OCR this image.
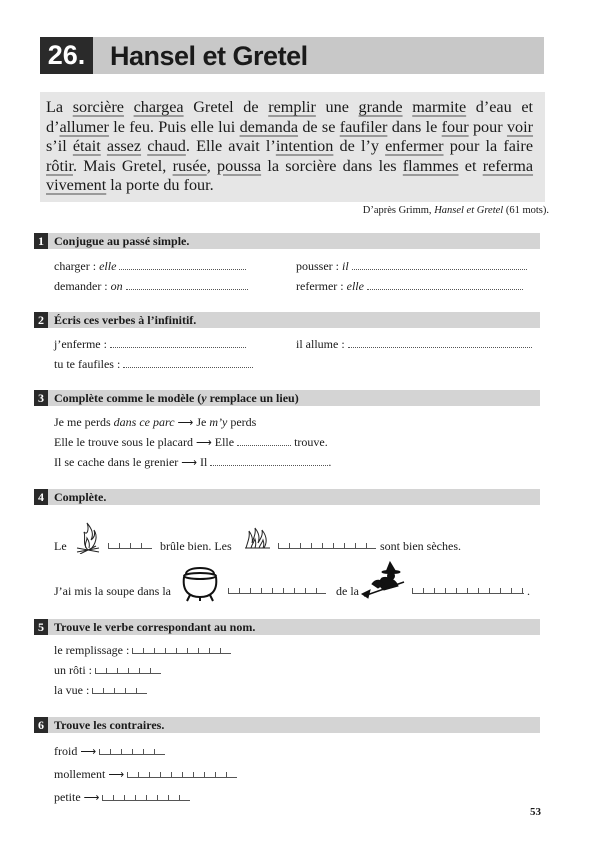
26. Hansel et Gretel
La sorcière chargea Gretel de remplir une grande marmite d’eau et d’allumer le feu. Puis elle lui demanda de se faufiler dans le four pour voir s’il était assez chaud. Elle avait l’intention de l’y enfermer pour la faire rôtir. Mais Gretel, rusée, poussa la sorcière dans les flammes et referma vivement la porte du four.
D’après Grimm, Hansel et Gretel (61 mots).
1 Conjugue au passé simple.
charger : elle	pousser : il
demander : on	refermer : elle
2 Écris ces verbes à l’infinitif.
j’enferme :	il allume :
tu te faufiles :
3 Complète comme le modèle (y remplace un lieu)
Je me perds dans ce parc ⟶ Je m’y perds
Elle le trouve sous le placard ⟶ Elle	trouve.
Il se cache dans le grenier ⟶ Il	.
4 Complète.
Le	brûle bien. Les	sont bien sèches.
J’ai mis la soupe dans la	de la	.
5 Trouve le verbe correspondant au nom.
le remplissage :
un rôti :
la vue :
6 Trouve les contraires.
froid ⟶
mollement ⟶
petite ⟶
53
